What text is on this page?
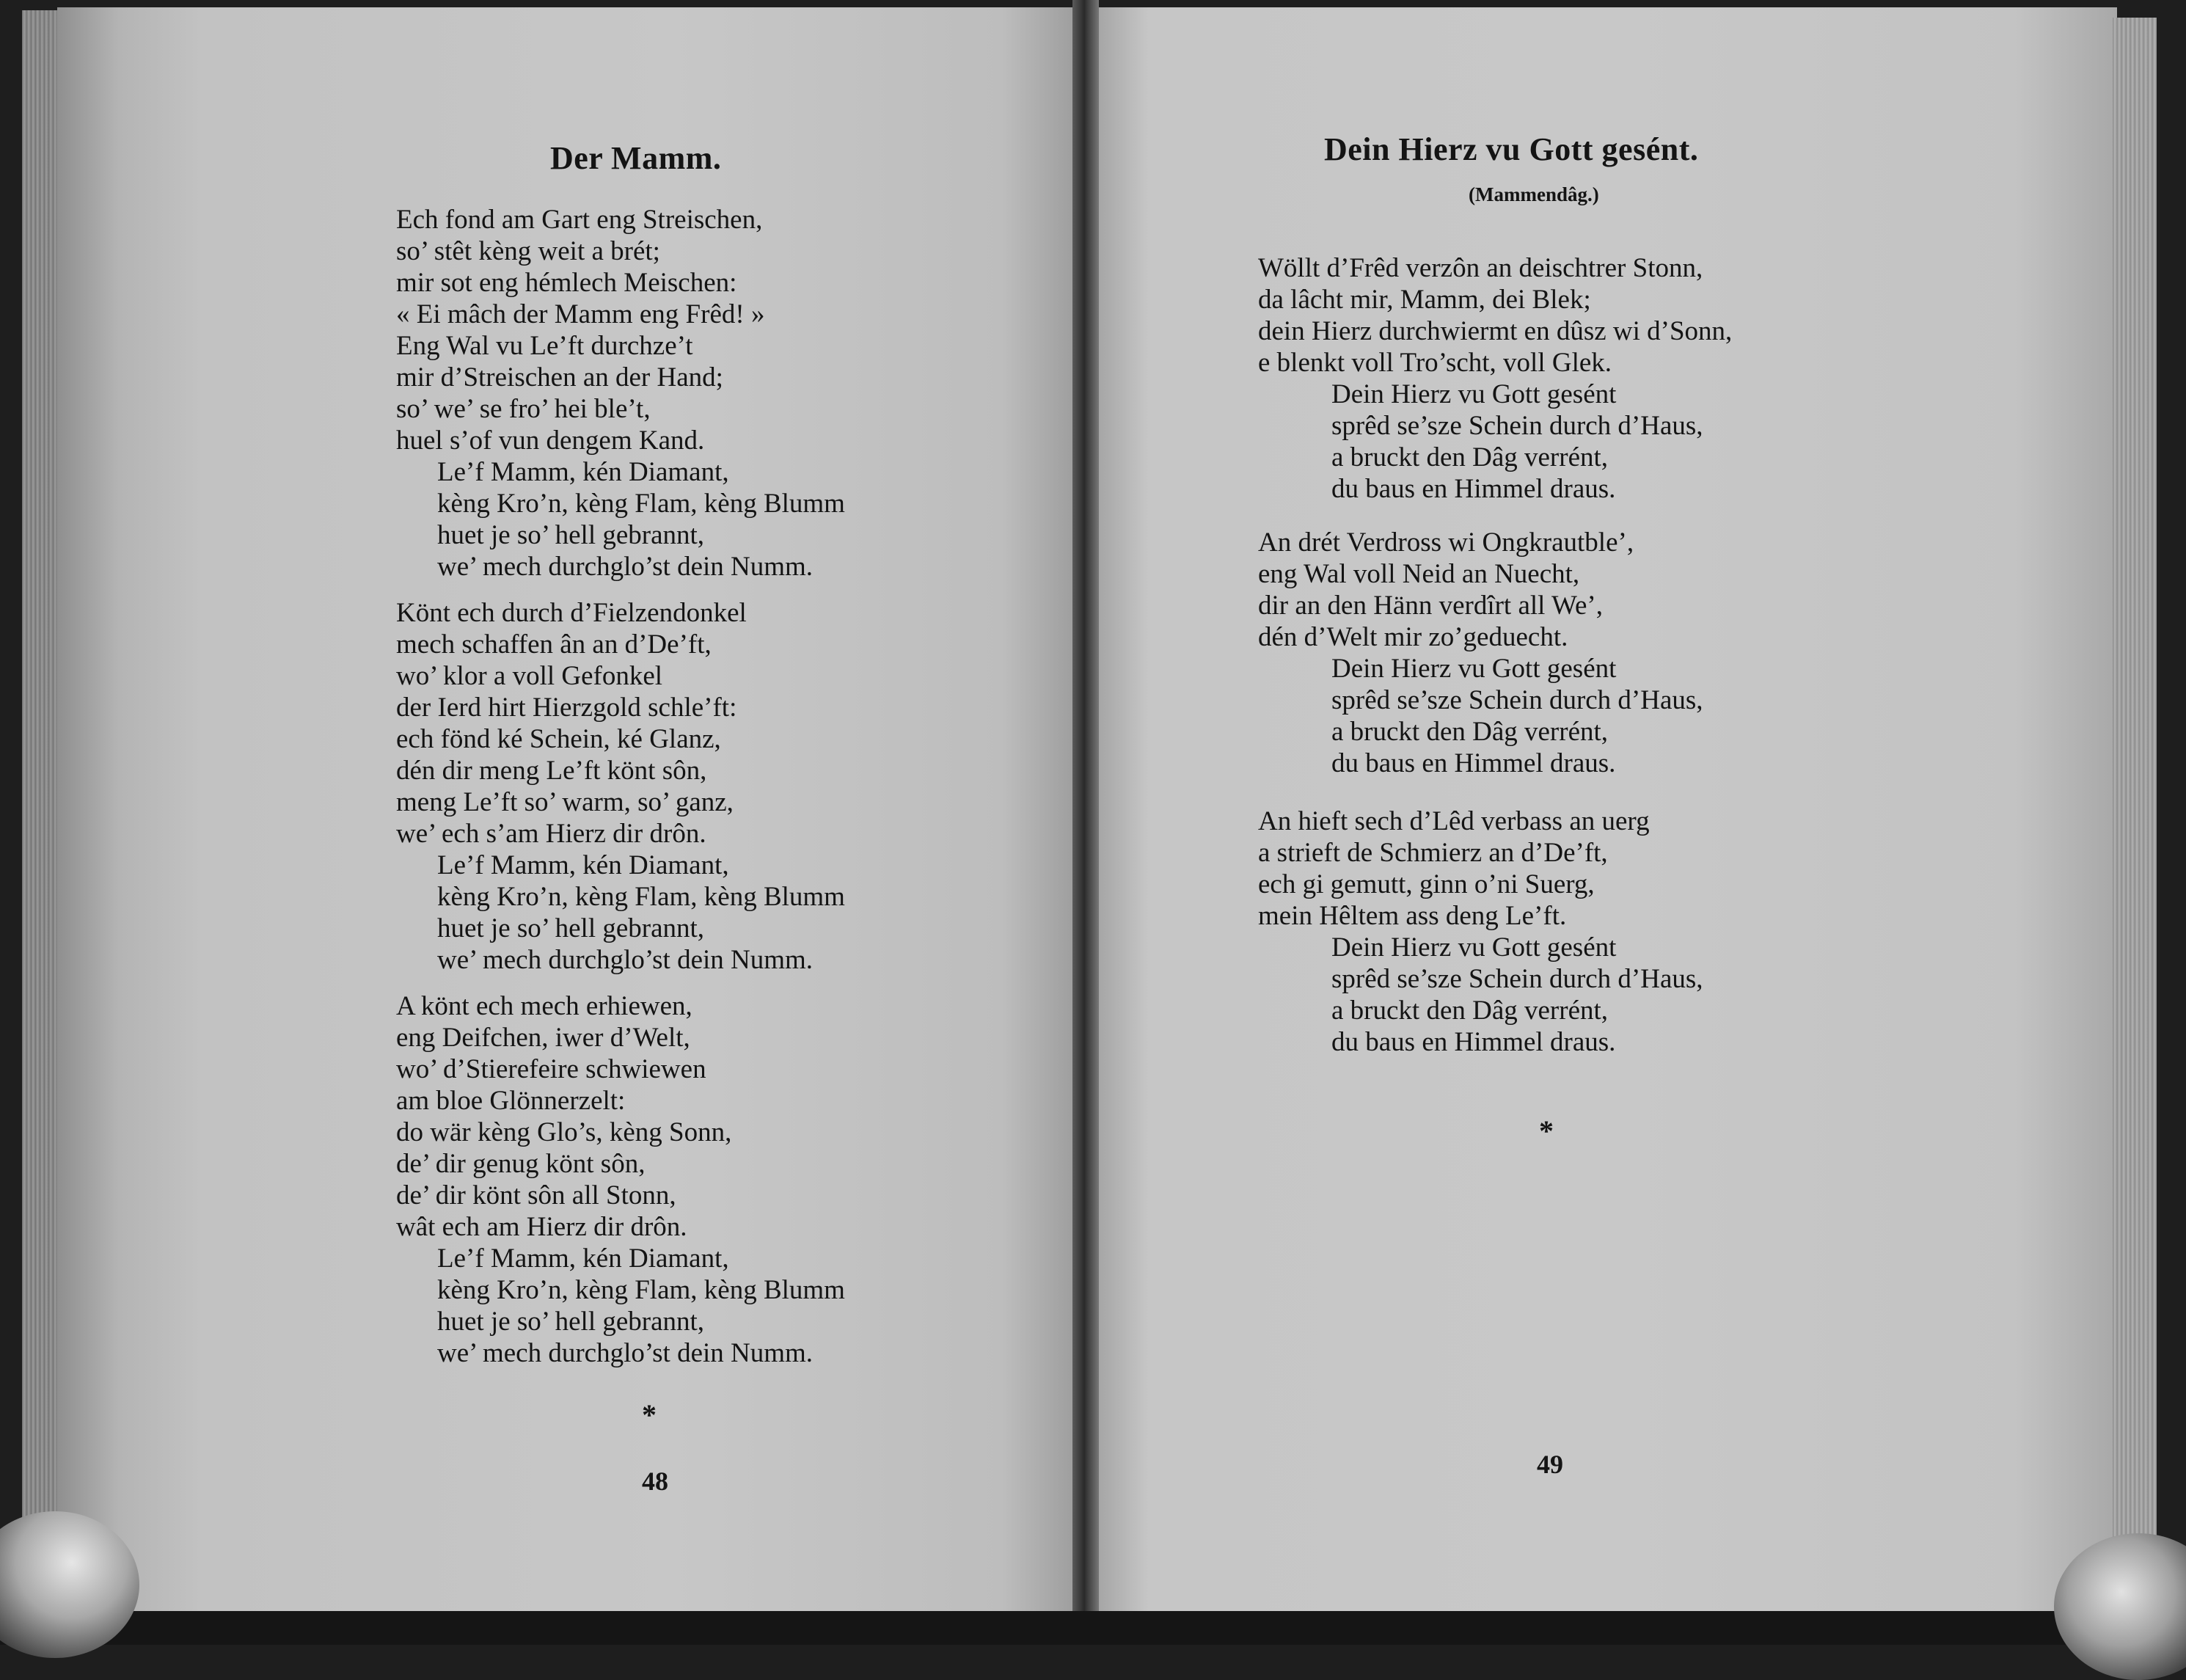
Der Mamm.
Ech fond am Gart eng Streischen,
so’ stêt kèng weit a brét;
mir sot eng hémlech Meischen:
« Ei mâch der Mamm eng Frêd! »
Eng Wal vu Le’ft durchze’t
mir d’Streischen an der Hand;
so’ we’ se fro’ hei ble’t,
huel s’of vun dengem Kand.
Le’f Mamm, kén Diamant,
kèng Kro’n, kèng Flam, kèng Blumm
huet je so’ hell gebrannt,
we’ mech durchglo’st dein Numm.
Könt ech durch d’Fielzendonkel
mech schaffen ân an d’De’ft,
wo’ klor a voll Gefonkel
der Ierd hirt Hierzgold schle’ft:
ech fönd ké Schein, ké Glanz,
dén dir meng Le’ft könt sôn,
meng Le’ft so’ warm, so’ ganz,
we’ ech s’am Hierz dir drôn.
Le’f Mamm, kén Diamant,
kèng Kro’n, kèng Flam, kèng Blumm
huet je so’ hell gebrannt,
we’ mech durchglo’st dein Numm.
A könt ech mech erhiewen,
eng Deifchen, iwer d’Welt,
wo’ d’Stierefeire schwiewen
am bloe Glönnerzelt:
do wär kèng Glo’s, kèng Sonn,
de’ dir genug könt sôn,
de’ dir könt sôn all Stonn,
wât ech am Hierz dir drôn.
Le’f Mamm, kén Diamant,
kèng Kro’n, kèng Flam, kèng Blumm
huet je so’ hell gebrannt,
we’ mech durchglo’st dein Numm.
*
48
Dein Hierz vu Gott gesént.
(Mammendâg.)
Wöllt d’Frêd verzôn an deischtrer Stonn,
da lâcht mir, Mamm, dei Blek;
dein Hierz durchwiermt en dûsz wi d’Sonn,
e blenkt voll Tro’scht, voll Glek.
Dein Hierz vu Gott gesént
sprêd se’sze Schein durch d’Haus,
a bruckt den Dâg verrént,
du baus en Himmel draus.
An drét Verdross wi Ongkrautble’,
eng Wal voll Neid an Nuecht,
dir an den Hänn verdîrt all We’,
dén d’Welt mir zo’geduecht.
Dein Hierz vu Gott gesént
sprêd se’sze Schein durch d’Haus,
a bruckt den Dâg verrént,
du baus en Himmel draus.
An hieft sech d’Lêd verbass an uerg
a strieft de Schmierz an d’De’ft,
ech gi gemutt, ginn o’ni Suerg,
mein Hêltem ass deng Le’ft.
Dein Hierz vu Gott gesént
sprêd se’sze Schein durch d’Haus,
a bruckt den Dâg verrént,
du baus en Himmel draus.
*
49
